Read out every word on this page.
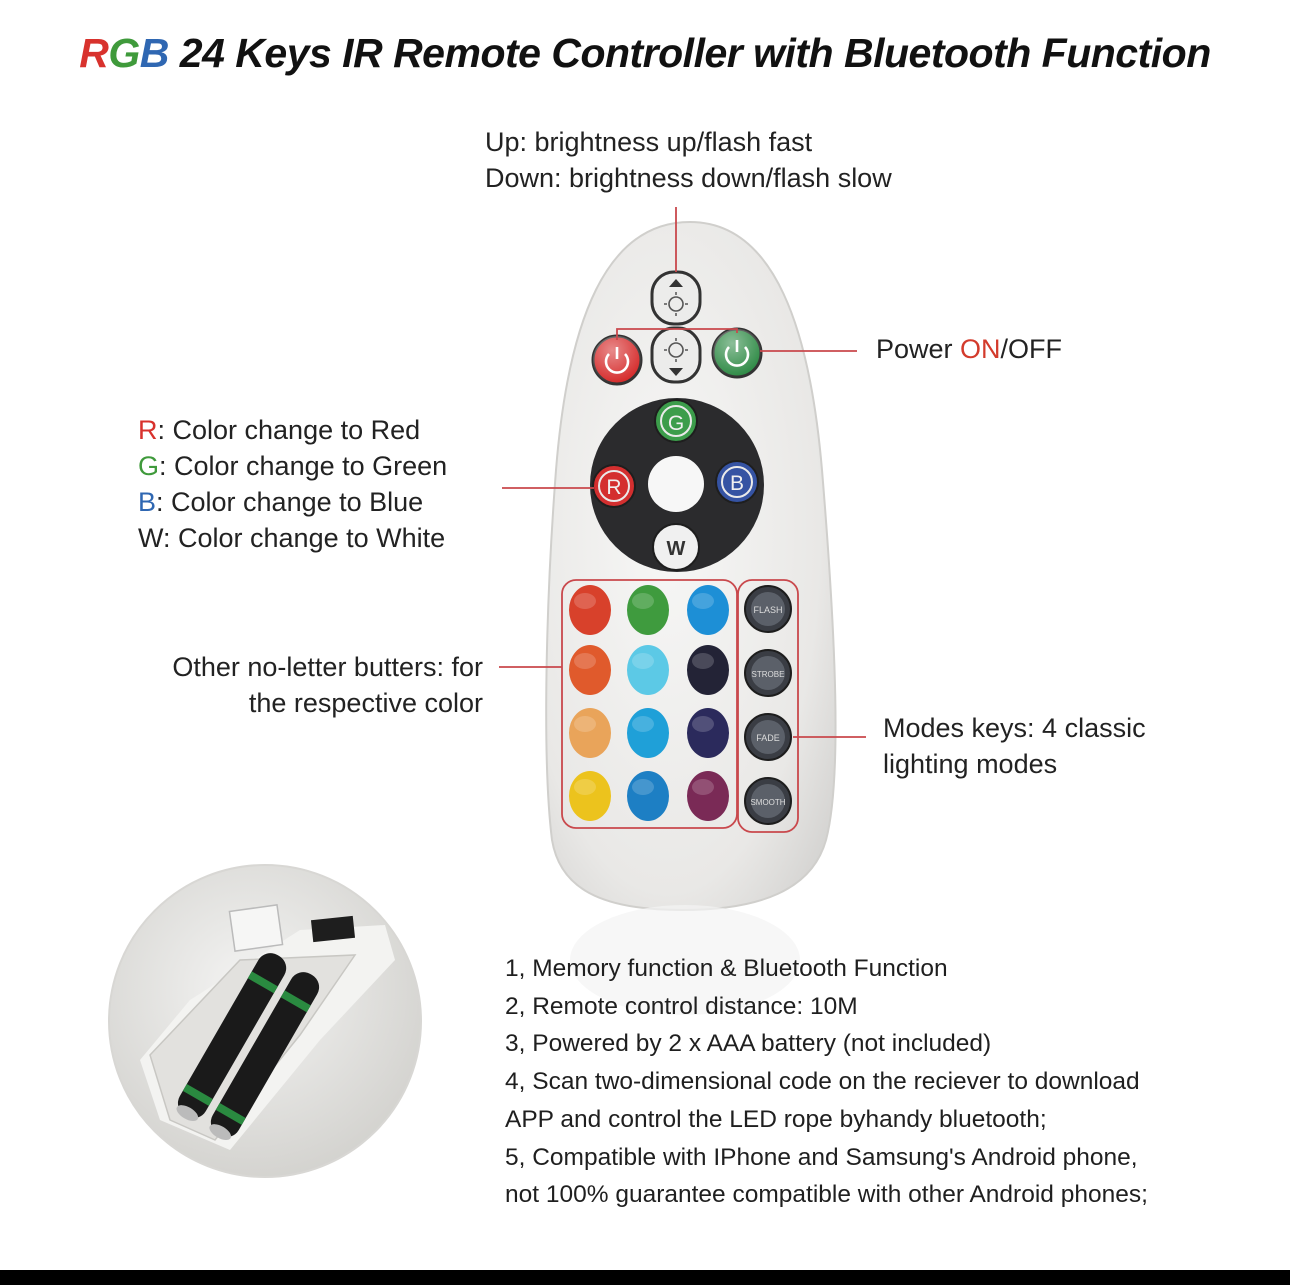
RGB 24 Keys IR Remote Controller with Bluetooth Function
G
R	B
W
FLASH
STROBE
FADE
SMOOTH
Up: brightness up/flash fast
Down: brightness down/flash slow
Power ON/OFF
R: Color change to Red
G: Color change to Green
B: Color change to Blue
W: Color change to White
Other no-letter butters: for
the respective color
Modes keys: 4 classic
lighting modes
1, Memory function & Bluetooth Function
2, Remote control distance: 10M
3, Powered by 2 x AAA battery (not included)
4, Scan two-dimensional code on the reciever to download
APP and control the LED rope byhandy bluetooth;
5, Compatible with IPhone and Samsung's Android phone,
not 100% guarantee compatible with other Android phones;
